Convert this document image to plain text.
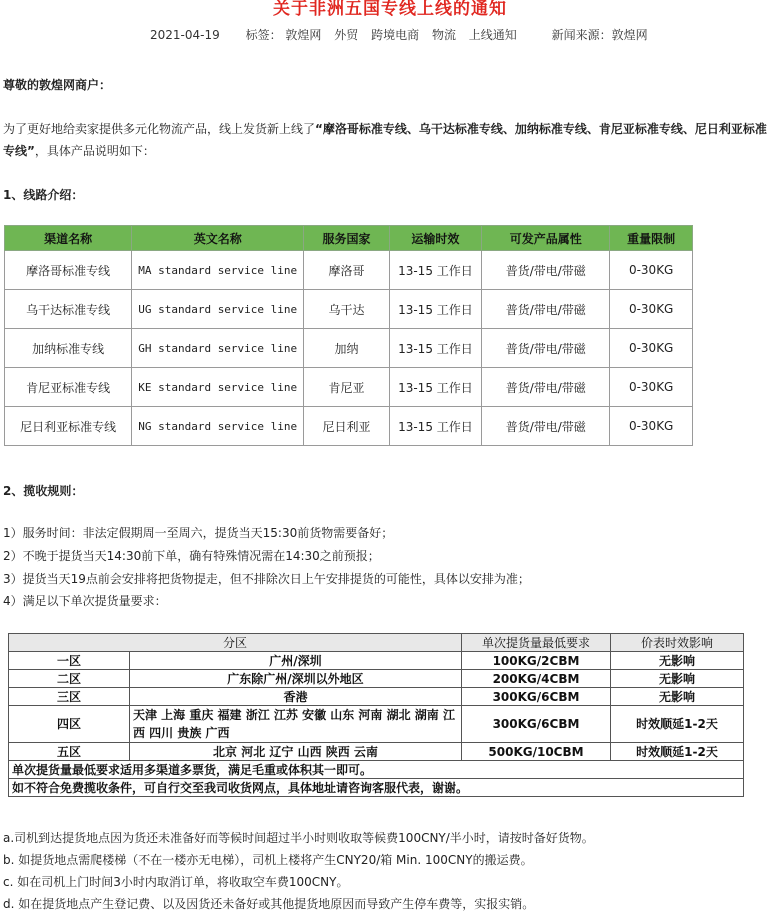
关于非洲五国专线上线的通知
2021-04-19 标签： 敦煌网 外贸 跨境电商 物流 上线通知	新闻来源：敦煌网
尊敬的敦煌网商户：
为了更好地给卖家提供多元化物流产品，线上发货新上线了“摩洛哥标准专线、乌干达标准专线、加纳标准专线、肯尼亚标准专线、尼日利亚标准专线”，具体产品说明如下：
1、线路介绍：
渠道名称	英文名称	服务国家	运输时效	可发产品属性	重量限制
摩洛哥标准专线	MA standard service line	摩洛哥	13-15 工作日	普货/带电/带磁	0-30KG
乌干达标准专线	UG standard service line	乌干达	13-15 工作日	普货/带电/带磁	0-30KG
加纳标准专线	GH standard service line	加纳	13-15 工作日	普货/带电/带磁	0-30KG
肯尼亚标准专线	KE standard service line	肯尼亚	13-15 工作日	普货/带电/带磁	0-30KG
尼日利亚标准专线	NG standard service line	尼日利亚	13-15 工作日	普货/带电/带磁	0-30KG
2、揽收规则：
1）服务时间：非法定假期周一至周六，提货当天15:30前货物需要备好；
2）不晚于提货当天14:30前下单，确有特殊情况需在14:30之前预报；
3）提货当天19点前会安排将把货物提走，但不排除次日上午安排提货的可能性，具体以安排为准；
4）满足以下单次提货量要求：
分区		单次提货量最低要求	价表时效影响
一区	广州/深圳	100KG/2CBM	无影响
二区	广东除广州/深圳以外地区	200KG/4CBM	无影响
三区	香港	300KG/6CBM	无影响
四区	天津 上海 重庆 福建 浙江 江苏 安徽 山东 河南 湖北 湖南 江西 四川 贵族 广西	300KG/6CBM	时效顺延1-2天
五区	北京 河北 辽宁 山西 陕西 云南	500KG/10CBM	时效顺延1-2天
单次提货量最低要求适用多渠道多票货，满足毛重或体积其一即可。			
如不符合免费揽收条件，可自行交至我司收货网点，具体地址请咨询客服代表，谢谢。			
a.司机到达提货地点因为货还未准备好而等候时间超过半小时则收取等候费100CNY/半小时，请按时备好货物。
b. 如提货地点需爬楼梯（不在一楼亦无电梯），司机上楼将产生CNY20/箱 Min. 100CNY的搬运费。
c. 如在司机上门时间3小时内取消订单，将收取空车费100CNY。
d. 如在提货地点产生登记费、以及因货还未备好或其他提货地原因而导致产生停车费等，实报实销。
